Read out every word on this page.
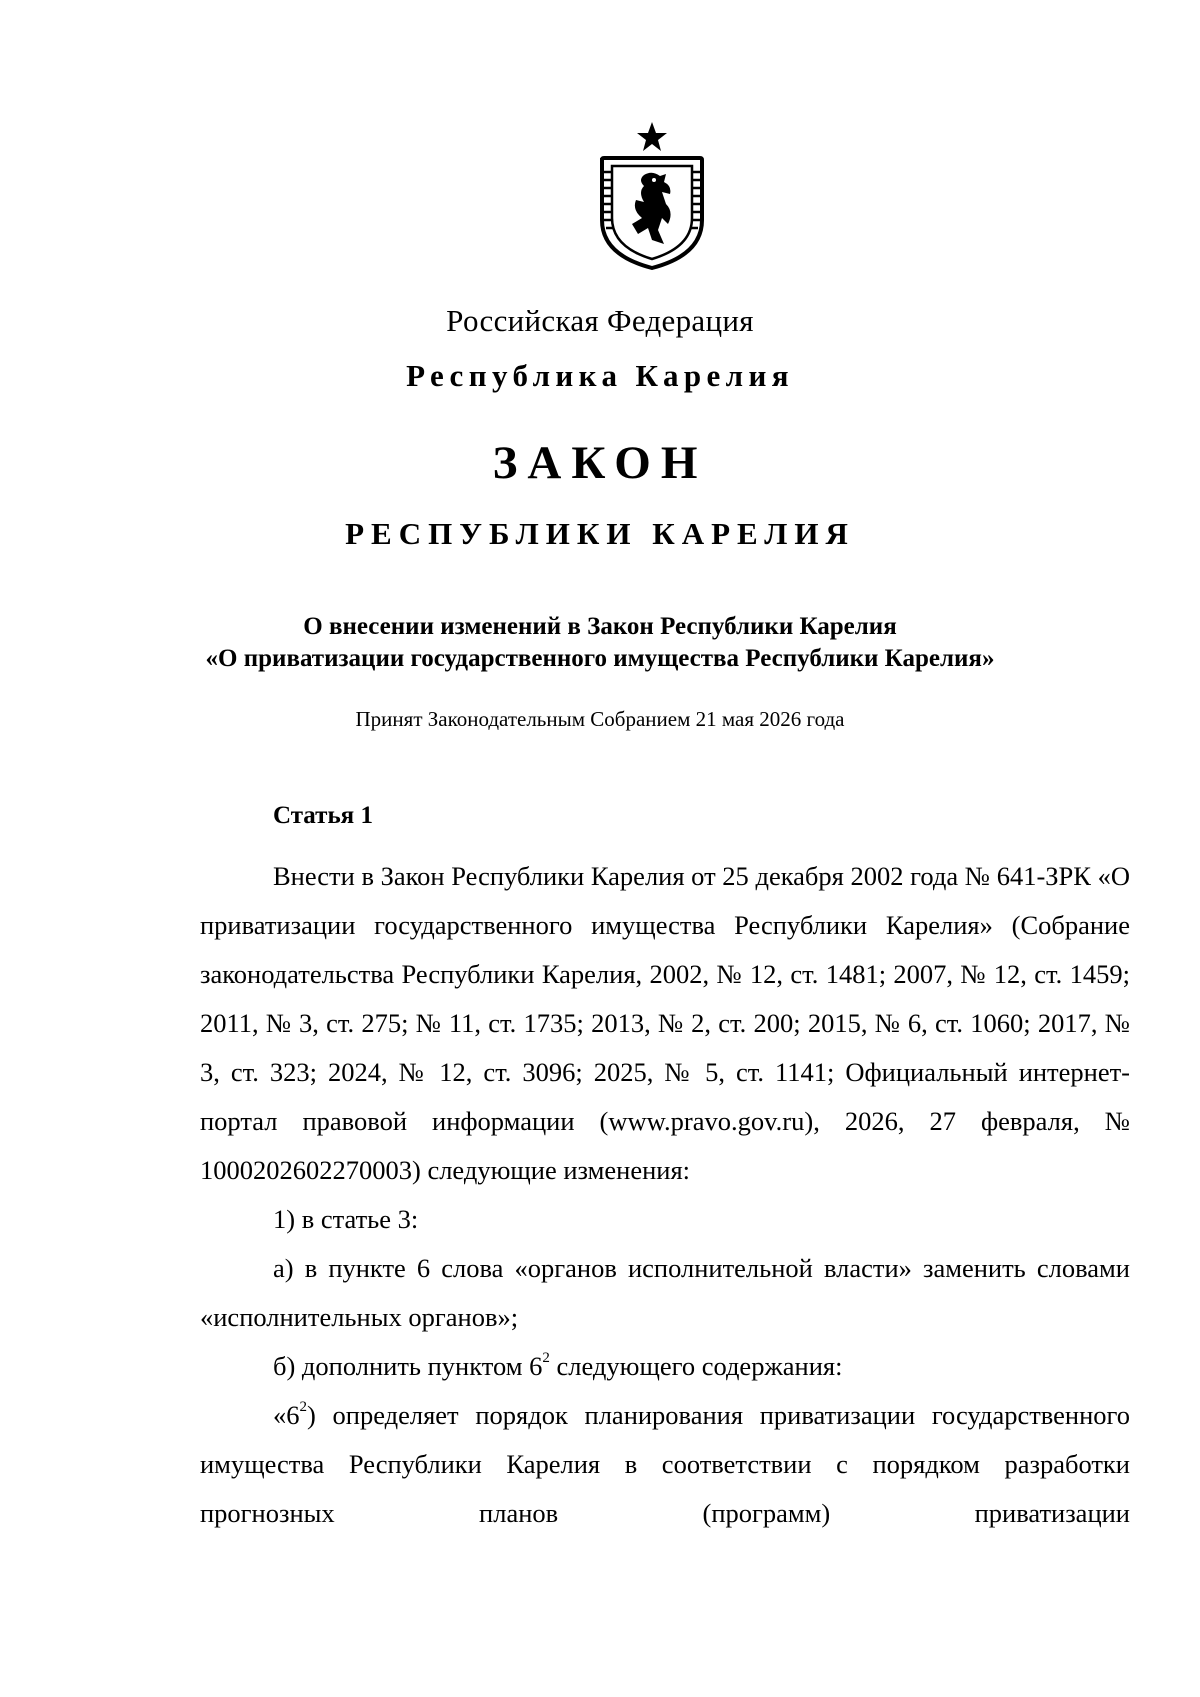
Российская Федерация
Республика Карелия
ЗАКОН
РЕСПУБЛИКИ КАРЕЛИЯ
О внесении изменений в Закон Республики Карелия
«О приватизации государственного имущества Республики Карелия»
Принят Законодательным Собранием 21 мая 2026 года
Статья 1

Внести в Закон Республики Карелия от 25 декабря 2002 года № 641-ЗРК «О приватизации государственного имущества Республики Карелия» (Собрание законодательства Республики Карелия, 2002, № 12, ст. 1481; 2007, № 12, ст. 1459; 2011, № 3, ст. 275; № 11, ст. 1735; 2013, № 2, ст. 200; 2015, № 6, ст. 1060; 2017, № 3, ст. 323; 2024, № 12, ст. 3096; 2025, № 5, ст. 1141; Официальный интернет-портал правовой информации (www.pravo.gov.ru), 2026, 27 февраля, № 1000202602270003) следующие изменения:

1) в статье 3:

а) в пункте 6 слова «органов исполнительной власти» заменить словами «исполнительных органов»;

б) дополнить пунктом $6^2$ следующего содержания:

«$6^2$) определяет порядок планирования приватизации государственного имущества Республики Карелия в соответствии с порядком разработки прогнозных планов (программ) приватизации
